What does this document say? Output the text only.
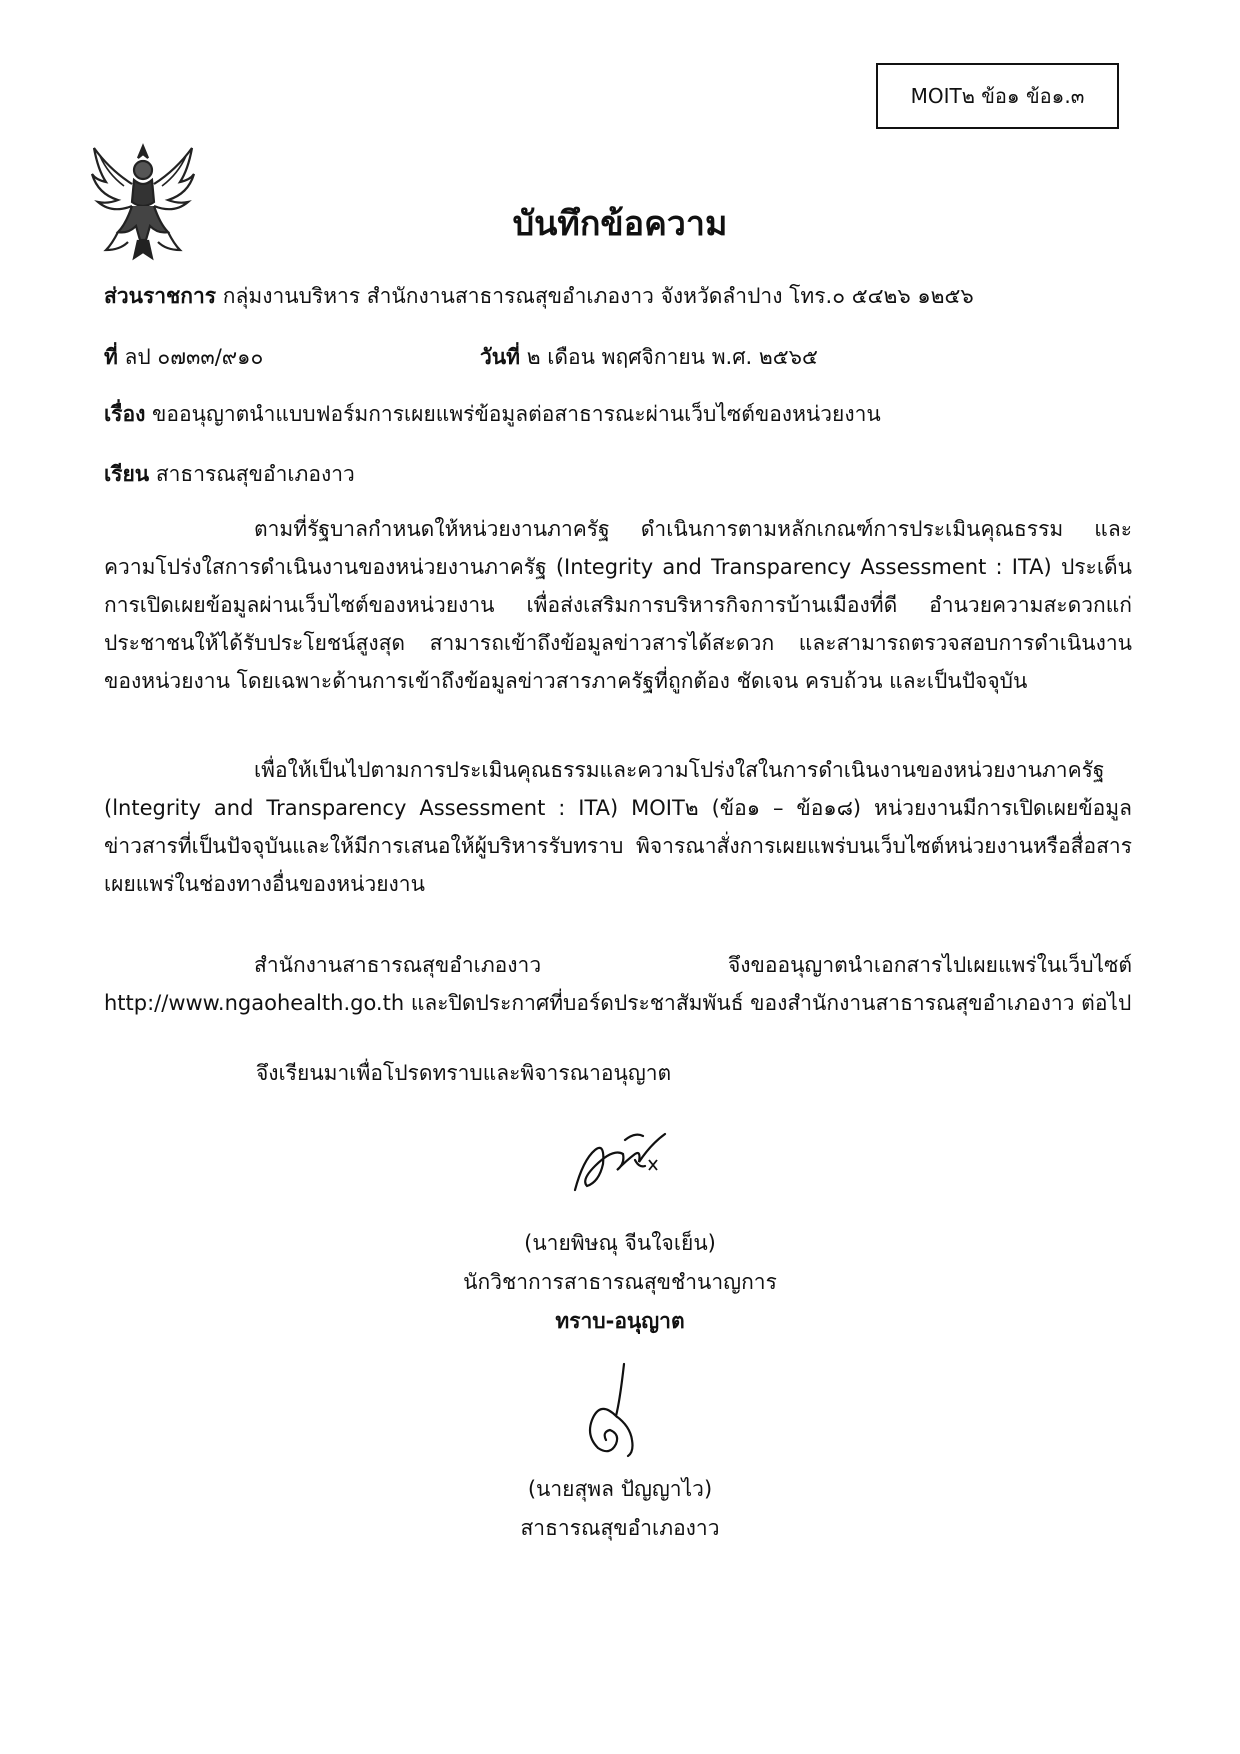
MOIT๒ ข้อ๑ ข้อ๑.๓
บันทึกข้อความ
ส่วนราชการ กลุ่มงานบริหาร สำนักงานสาธารณสุขอำเภองาว จังหวัดลำปาง โทร.๐ ๕๔๒๖ ๑๒๕๖
ที่ ลป ๐๗๓๓/๙๑๐	วันที่ ๒ เดือน พฤศจิกายน พ.ศ. ๒๕๖๕
เรื่อง ขออนุญาตนำแบบฟอร์มการเผยแพร่ข้อมูลต่อสาธารณะผ่านเว็บไซต์ของหน่วยงาน
เรียน สาธารณสุขอำเภองาว
ตามที่รัฐบาลกำหนดให้หน่วยงานภาครัฐ ดำเนินการตามหลักเกณฑ์การประเมินคุณธรรม และความโปร่งใสการดำเนินงานของหน่วยงานภาครัฐ (Integrity and Transparency Assessment : ITA) ประเด็นการเปิดเผยข้อมูลผ่านเว็บไซต์ของหน่วยงาน เพื่อส่งเสริมการบริหารกิจการบ้านเมืองที่ดี อำนวยความสะดวกแก่ประชาชนให้ได้รับประโยชน์สูงสุด สามารถเข้าถึงข้อมูลข่าวสารได้สะดวก และสามารถตรวจสอบการดำเนินงานของหน่วยงาน โดยเฉพาะด้านการเข้าถึงข้อมูลข่าวสารภาครัฐที่ถูกต้อง ชัดเจน ครบถ้วน และเป็นปัจจุบัน
เพื่อให้เป็นไปตามการประเมินคุณธรรมและความโปร่งใสในการดำเนินงานของหน่วยงานภาครัฐ (lntegrity and Transparency Assessment : ITA) MOIT๒ (ข้อ๑ – ข้อ๑๘) หน่วยงานมีการเปิดเผยข้อมูลข่าวสารที่เป็นปัจจุบันและให้มีการเสนอให้ผู้บริหารรับทราบ พิจารณาสั่งการเผยแพร่บนเว็บไซต์หน่วยงานหรือสื่อสารเผยแพร่ในช่องทางอื่นของหน่วยงาน
สำนักงานสาธารณสุขอำเภองาว จึงขออนุญาตนำเอกสารไปเผยแพร่ในเว็บไซต์ http://www.ngaohealth.go.th และปิดประกาศที่บอร์ดประชาสัมพันธ์ ของสำนักงานสาธารณสุขอำเภองาว ต่อไป
จึงเรียนมาเพื่อโปรดทราบและพิจารณาอนุญาต
(นายพิษณุ จีนใจเย็น)
นักวิชาการสาธารณสุขชำนาญการ
ทราบ-อนุญาต
(นายสุพล ปัญญาไว)
สาธารณสุขอำเภองาว
